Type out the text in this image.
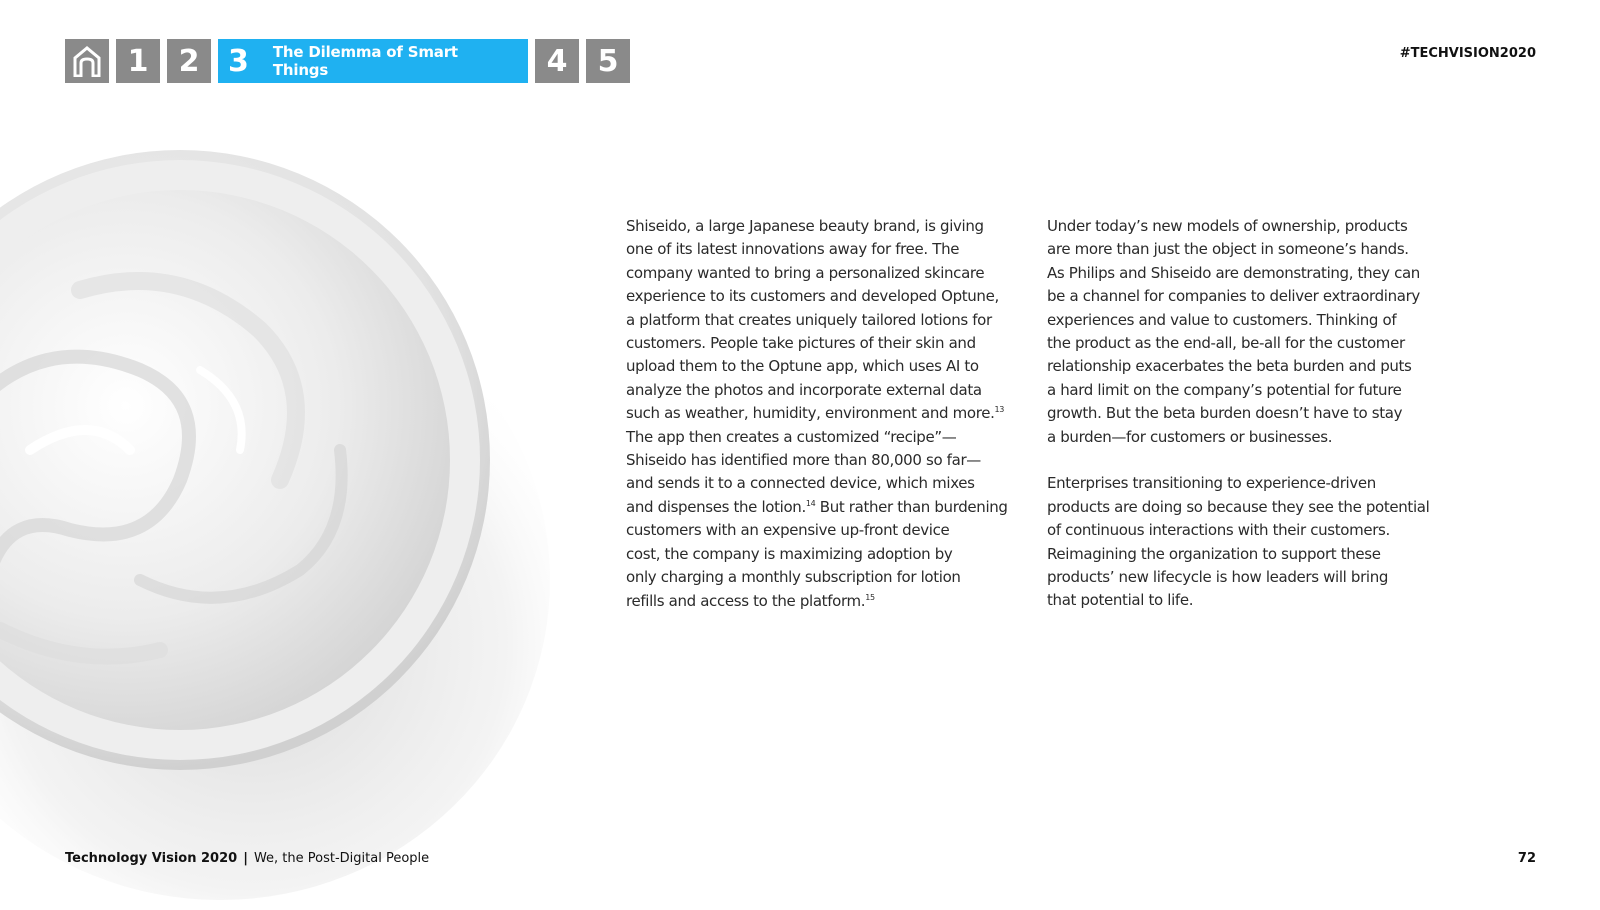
1	2 3 The Dilemma of Smart Things	4	5	#TECHVISION2020

Shiseido, a large Japanese beauty brand, is giving
one of its latest innovations away for free. The
company wanted to bring a personalized skincare
experience to its customers and developed Optune,
a platform that creates uniquely tailored lotions for
customers. People take pictures of their skin and
upload them to the Optune app, which uses AI to
analyze the photos and incorporate external data
such as weather, humidity, environment and more.$^{13}$
The app then creates a customized “recipe”—
Shiseido has identified more than 80,000 so far—
and sends it to a connected device, which mixes
and dispenses the lotion.$^{14}$ But rather than burdening
customers with an expensive up-front device
cost, the company is maximizing adoption by
only charging a monthly subscription for lotion
refills and access to the platform.$^{15}$

Under today’s new models of ownership, products
are more than just the object in someone’s hands.
As Philips and Shiseido are demonstrating, they can
be a channel for companies to deliver extraordinary
experiences and value to customers. Thinking of
the product as the end-all, be-all for the customer
relationship exacerbates the beta burden and puts
a hard limit on the company’s potential for future
growth. But the beta burden doesn’t have to stay
a burden—for customers or businesses.

Enterprises transitioning to experience-driven
products are doing so because they see the potential
of continuous interactions with their customers.
Reimagining the organization to support these
products’ new lifecycle is how leaders will bring
that potential to life.

Technology Vision 2020 | We, the Post-Digital People	72
